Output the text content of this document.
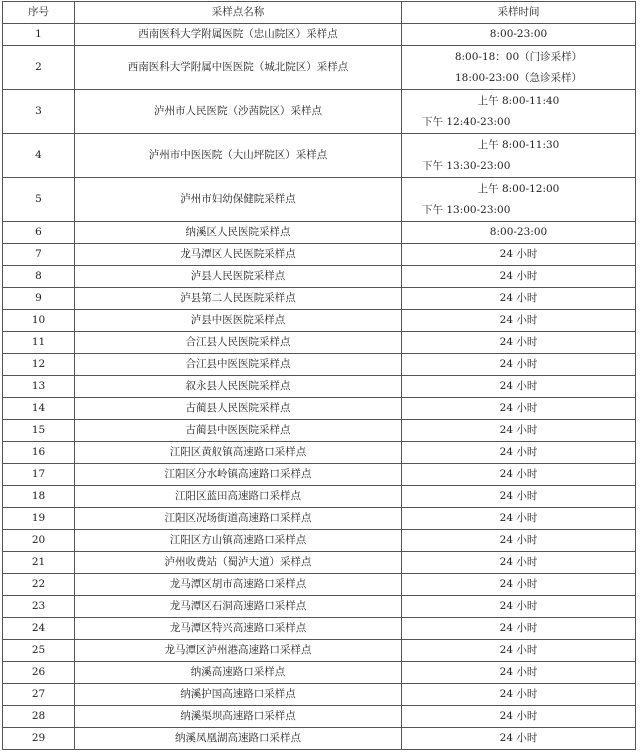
序号	采样点名称	采样时间
1	西南医科大学附属医院（忠山院区）采样点	8:00-23:00

2	西南医科大学附属中医医院（城北院区）采样点	8:00-18：00（门诊采样）
18:00-23:00（急诊采样）

3	泸州市人民医院（沙茜院区）采样点	上午 8:00-11:40
下午 12:40-23:00

4	泸州市中医医院（大山坪院区）采样点	上午 8:00-11:30
下午 13:30-23:00

5	泸州市妇幼保健院采样点	上午 8:00-12:00
下午 13:00-23:00

6	纳溪区人民医院采样点	8:00-23:00

7	龙马潭区人民医院采样点	24 小时

8	泸县人民医院采样点	24 小时

9	泸县第二人民医院采样点	24 小时

10	泸县中医医院采样点	24 小时

11	合江县人民医院采样点	24 小时

12	合江县中医医院采样点	24 小时

13	叙永县人民医院采样点	24 小时

14	古蔺县人民医院采样点	24 小时

15	古蔺县中医医院采样点	24 小时

16	江阳区黄舣镇高速路口采样点	24 小时

17	江阳区分水岭镇高速路口采样点	24 小时

18	江阳区蓝田高速路口采样点	24 小时

19	江阳区况场街道高速路口采样点	24 小时

20	江阳区方山镇高速路口采样点	24 小时

21	泸州收费站（蜀泸大道）采样点	24 小时

22	龙马潭区胡市高速路口采样点	24 小时

23	龙马潭区石洞高速路口采样点	24 小时

24	龙马潭区特兴高速路口采样点	24 小时

25	龙马潭区泸州港高速路口采样点	24 小时

26	纳溪高速路口采样点	24 小时

27	纳溪护国高速路口采样点	24 小时

28	纳溪渠坝高速路口采样点	24 小时

29	纳溪凤凰湖高速路口采样点	24 小时
